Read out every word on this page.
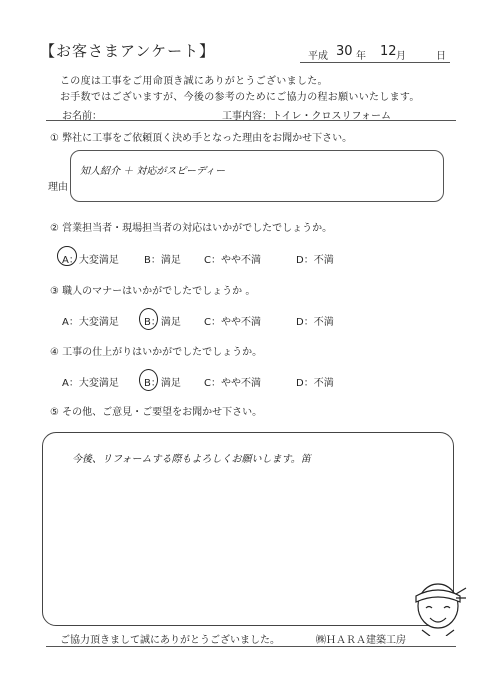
【お客さまアンケート】	平成 30 年 12 月	日
この度は工事をご用命頂き誠にありがとうございました。
お手数ではございますが、今後の参考のためにご協力の程お願いいたします。
お名前：	工事内容：トイレ・クロスリフォーム
① 弊社に工事をご依頼頂く決め手となった理由をお聞かせ下さい。
理由
知人紹介 ＋ 対応がスピーディー
② 営業担当者・現場担当者の対応はいかがでしたでしょうか。
A：大変満足	B：満足 C：やや不満	D：不満
③ 職人のマナーはいかがでしたでしょうか 。
A：大変満足	B：満足 C：やや不満	D：不満
④ 工事の仕上がりはいかがでしたでしょうか。
A：大変満足	B：満足 C：やや不満	D：不満
⑤ その他、ご意見・ご要望をお聞かせ下さい。
今後、リフォームする際もよろしくお願いします。笛
ご協力頂きまして誠にありがとうございました。	㈱ＨＡＲＡ建築工房
